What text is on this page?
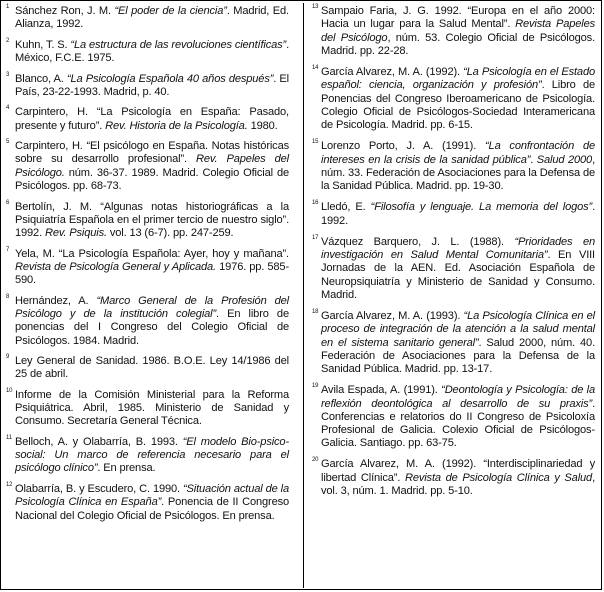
1 Sánchez Ron, J. M. “El poder de la ciencia”. Madrid, Ed. Alianza, 1992.
2 Kuhn, T. S. “La estructura de las revoluciones científicas”. México, F.C.E. 1975.
3 Blanco, A. “La Psicología Española 40 años después”. El País, 23-22-1993. Madrid, p. 40.
4 Carpintero, H. “La Psicología en España: Pasado, presente y futuro”. Rev. Historia de la Psicología. 1980.
5 Carpintero, H. “El psicólogo en España. Notas históricas sobre su desarrollo profesional”. Rev. Papeles del Psicólogo. núm. 36-37. 1989. Madrid. Colegio Oficial de Psicólogos. pp. 68-73.
6 Bertolín, J. M. “Algunas notas historiográficas a la Psiquiatría Española en el primer tercio de nuestro siglo”. 1992. Rev. Psiquis. vol. 13 (6-7). pp. 247-259.
7 Yela, M. “La Psicología Española: Ayer, hoy y mañana”. Revista de Psicología General y Aplicada. 1976. pp. 585-590.
8 Hernández, A. “Marco General de la Profesión del Psicólogo y de la institución colegial”. En libro de ponencias del I Congreso del Colegio Oficial de Psicólogos. 1984. Madrid.
9 Ley General de Sanidad. 1986. B.O.E. Ley 14/1986 del 25 de abril.
10 Informe de la Comisión Ministerial para la Reforma Psiquiátrica. Abril, 1985. Ministerio de Sanidad y Consumo. Secretaría General Técnica.
11 Belloch, A. y Olabarría, B. 1993. “El modelo Bio-psico-social: Un marco de referencia necesario para el psicólogo clínico”. En prensa.
12 Olabarría, B. y Escudero, C. 1990. “Situación actual de la Psicología Clínica en España”. Ponencia de II Congreso Nacional del Colegio Oficial de Psicólogos. En prensa.
13 Sampaio Faria, J. G. 1992. “Europa en el año 2000: Hacia un lugar para la Salud Mental”. Revista Papeles del Psicólogo, núm. 53. Colegio Oficial de Psicólogos. Madrid. pp. 22-28.
14 García Alvarez, M. A. (1992). “La Psicología en el Estado español: ciencia, organización y profesión”. Libro de Ponencias del Congreso Iberoamericano de Psicología. Colegio Oficial de Psicólogos-Sociedad Interamericana de Psicología. Madrid. pp. 6-15.
15 Lorenzo Porto, J. A. (1991). “La confrontación de intereses en la crisis de la sanidad pública”. Salud 2000, núm. 33. Federación de Asociaciones para la Defensa de la Sanidad Pública. Madrid. pp. 19-30.
16 Lledó, E. “Filosofía y lenguaje. La memoria del logos”. 1992.
17 Vázquez Barquero, J. L. (1988). “Prioridades en investigación en Salud Mental Comunitaria”. En VIII Jornadas de la AEN. Ed. Asociación Española de Neuropsiquiatría y Ministerio de Sanidad y Consumo. Madrid.
18 García Alvarez, M. A. (1993). “La Psicología Clínica en el proceso de integración de la atención a la salud mental en el sistema sanitario general”. Salud 2000, núm. 40. Federación de Asociaciones para la Defensa de la Sanidad Pública. Madrid. pp. 13-17.
19 Avila Espada, A. (1991). “Deontología y Psicología: de la reflexión deontológica al desarrollo de su praxis”. Conferencias e relatorios do II Congreso de Psicoloxía Profesional de Galicia. Colexio Oficial de Psicólogos-Galicia. Santiago. pp. 63-75.
20 García Alvarez, M. A. (1992). “Interdisciplinariedad y libertad Clínica”. Revista de Psicología Clínica y Salud, vol. 3, núm. 1. Madrid. pp. 5-10.
